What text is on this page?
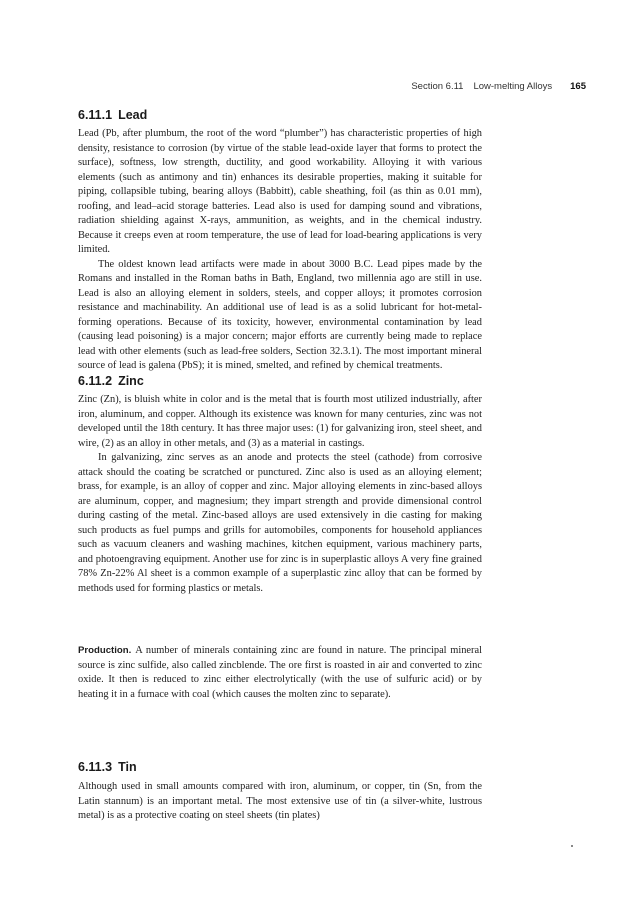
Section 6.11 Low-melting Alloys 165
6.11.1 Lead

Lead (Pb, after plumbum, the root of the word “plumber”) has characteristic properties of high density, resistance to corrosion (by virtue of the stable lead-oxide layer that forms to protect the surface), softness, low strength, ductility, and good workability. Alloying it with various elements (such as antimony and tin) enhances its desirable properties, making it suitable for piping, collapsible tubing, bearing alloys (Babbitt), cable sheathing, foil (as thin as 0.01 mm), roofing, and lead–acid storage batteries. Lead also is used for damping sound and vibrations, radiation shielding against X-rays, ammunition, as weights, and in the chemical industry. Because it creeps even at room temperature, the use of lead for load-bearing applications is very limited.

The oldest known lead artifacts were made in about 3000 B.C. Lead pipes made by the Romans and installed in the Roman baths in Bath, England, two millennia ago are still in use. Lead is also an alloying element in solders, steels, and copper alloys; it promotes corrosion resistance and machinability. An additional use of lead is as a solid lubricant for hot-metal-forming operations. Because of its toxicity, however, environmental contamination by lead (causing lead poisoning) is a major concern; major efforts are currently being made to replace lead with other elements (such as lead-free solders, Section 32.3.1). The most important mineral source of lead is galena (PbS); it is mined, smelted, and refined by chemical treatments.

6.11.2 Zinc

Zinc (Zn), is bluish white in color and is the metal that is fourth most utilized industrially, after iron, aluminum, and copper. Although its existence was known for many centuries, zinc was not developed until the 18th century. It has three major uses: (1) for galvanizing iron, steel sheet, and wire, (2) as an alloy in other metals, and (3) as a material in castings.

In galvanizing, zinc serves as an anode and protects the steel (cathode) from corrosive attack should the coating be scratched or punctured. Zinc also is used as an alloying element; brass, for example, is an alloy of copper and zinc. Major alloying elements in zinc-based alloys are aluminum, copper, and magnesium; they impart strength and provide dimensional control during casting of the metal. Zinc-based alloys are used extensively in die casting for making such products as fuel pumps and grills for automobiles, components for household appliances such as vacuum cleaners and washing machines, kitchen equipment, various machinery parts, and photoengraving equipment. Another use for zinc is in superplastic alloys A very fine grained 78% Zn-22% Al sheet is a common example of a superplastic zinc alloy that can be formed by methods used for forming plastics or metals.

Production. A number of minerals containing zinc are found in nature. The principal mineral source is zinc sulfide, also called zincblende. The ore first is roasted in air and converted to zinc oxide. It then is reduced to zinc either electrolytically (with the use of sulfuric acid) or by heating it in a furnace with coal (which causes the molten zinc to separate).

6.11.3 Tin

Although used in small amounts compared with iron, aluminum, or copper, tin (Sn, from the Latin stannum) is an important metal. The most extensive use of tin (a silver-white, lustrous metal) is as a protective coating on steel sheets (tin plates)
